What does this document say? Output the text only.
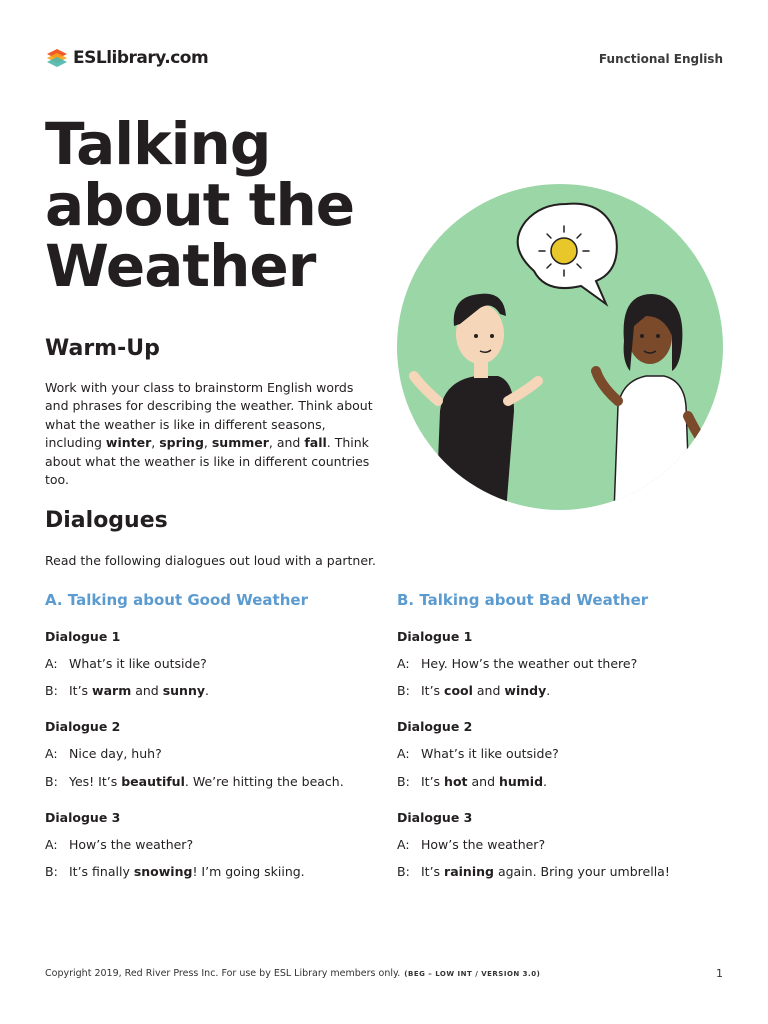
ESLlibrary.com	Functional English
Talking about the Weather
Warm-Up

Work with your class to brainstorm English words and phrases for describing the weather. Think about what the weather is like in different seasons, including winter, spring, summer, and fall. Think about what the weather is like in different countries too.

Dialogues

Read the following dialogues out loud with a partner.

A. Talking about Good Weather
Dialogue 1
A: What’s it like outside?
B: It’s warm and sunny.
Dialogue 2
A: Nice day, huh?
B: Yes! It’s beautiful. We’re hitting the beach.
Dialogue 3
A: How’s the weather?
B: It’s finally snowing! I’m going skiing.
B. Talking about Bad Weather
Dialogue 1
A: Hey. How’s the weather out there?
B: It’s cool and windy.
Dialogue 2
A: What’s it like outside?
B: It’s hot and humid.
Dialogue 3
A: How’s the weather?
B: It’s raining again. Bring your umbrella!
Copyright 2019, Red River Press Inc. For use by ESL Library members only. (BEG – LOW INT / VERSION 3.0)	1
